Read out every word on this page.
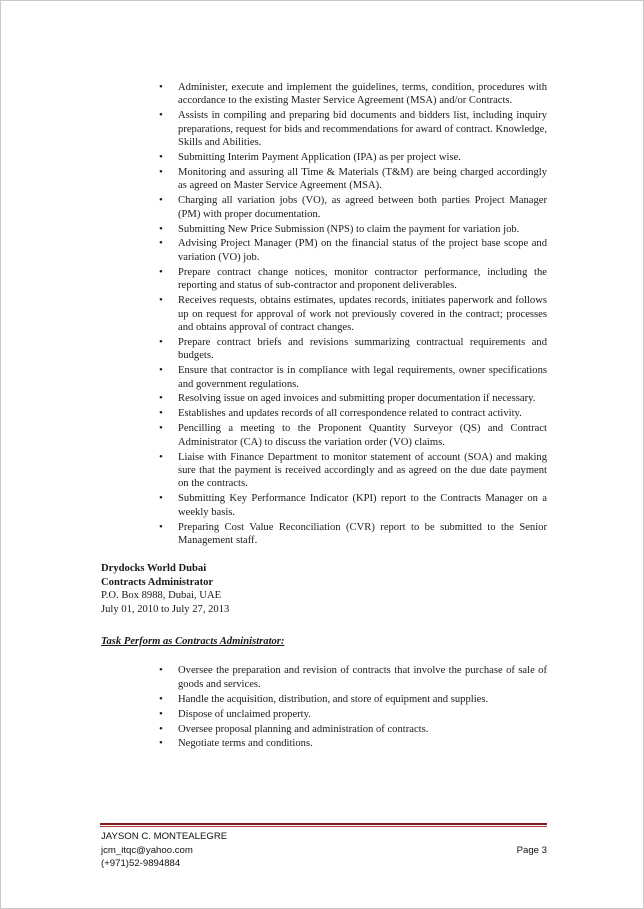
• Administer, execute and implement the guidelines, terms, condition, procedures with accordance to the existing Master Service Agreement (MSA) and/or Contracts.
• Assists in compiling and preparing bid documents and bidders list, including inquiry preparations, request for bids and recommendations for award of contract. Knowledge, Skills and Abilities.
• Submitting Interim Payment Application (IPA) as per project wise.
• Monitoring and assuring all Time & Materials (T&M) are being charged accordingly as agreed on Master Service Agreement (MSA).
• Charging all variation jobs (VO), as agreed between both parties Project Manager (PM) with proper documentation.
• Submitting New Price Submission (NPS) to claim the payment for variation job.
• Advising Project Manager (PM) on the financial status of the project base scope and variation (VO) job.
• Prepare contract change notices, monitor contractor performance, including the reporting and status of sub-contractor and proponent deliverables.
• Receives requests, obtains estimates, updates records, initiates paperwork and follows up on request for approval of work not previously covered in the contract; processes and obtains approval of contract changes.
• Prepare contract briefs and revisions summarizing contractual requirements and budgets.
• Ensure that contractor is in compliance with legal requirements, owner specifications and government regulations.
• Resolving issue on aged invoices and submitting proper documentation if necessary.
• Establishes and updates records of all correspondence related to contract activity.
• Pencilling a meeting to the Proponent Quantity Surveyor (QS) and Contract Administrator (CA) to discuss the variation order (VO) claims.
• Liaise with Finance Department to monitor statement of account (SOA) and making sure that the payment is received accordingly and as agreed on the due date payment on the contracts.
• Submitting Key Performance Indicator (KPI) report to the Contracts Manager on a weekly basis.
• Preparing Cost Value Reconciliation (CVR) report to be submitted to the Senior Management staff.
Drydocks World Dubai
Contracts Administrator
P.O. Box 8988, Dubai, UAE
July 01, 2010 to July 27, 2013
Task Perform as Contracts Administrator:
• Oversee the preparation and revision of contracts that involve the purchase of sale of goods and services.
• Handle the acquisition, distribution, and store of equipment and supplies.
• Dispose of unclaimed property.
• Oversee proposal planning and administration of contracts.
• Negotiate terms and conditions.
JAYSON C. MONTEALEGRE
jcm_itqc@yahoo.com
(+971)52-9894884
Page 3
